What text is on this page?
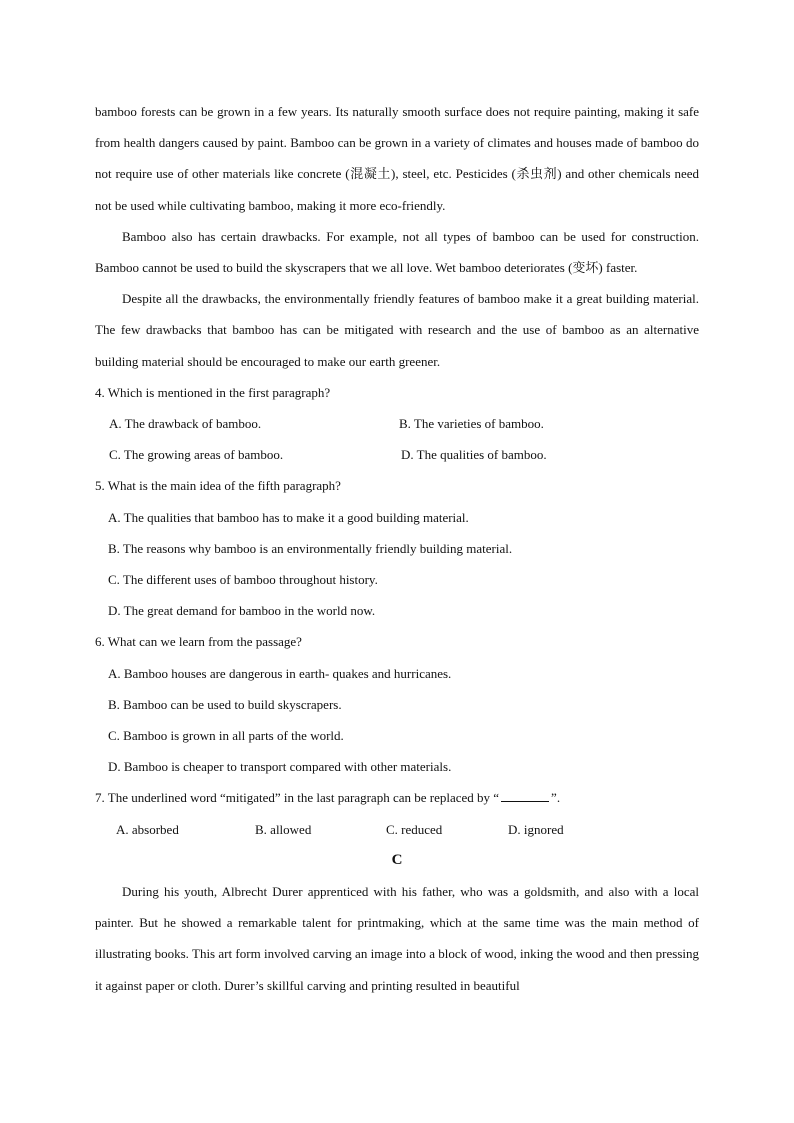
bamboo forests can be grown in a few years. Its naturally smooth surface does not require painting, making it safe from health dangers caused by paint. Bamboo can be grown in a variety of climates and houses made of bamboo do not require use of other materials like concrete (混凝土), steel, etc. Pesticides (杀虫剂) and other chemicals need not be used while cultivating bamboo, making it more eco-friendly.

Bamboo also has certain drawbacks. For example, not all types of bamboo can be used for construction. Bamboo cannot be used to build the skyscrapers that we all love. Wet bamboo deteriorates (变坏) faster.

Despite all the drawbacks, the environmentally friendly features of bamboo make it a great building material. The few drawbacks that bamboo has can be mitigated with research and the use of bamboo as an alternative building material should be encouraged to make our earth greener.

4. Which is mentioned in the first paragraph?

A. The drawback of bamboo.	B. The varieties of bamboo.
C. The growing areas of bamboo.	D. The qualities of bamboo.

5. What is the main idea of the fifth paragraph?

A. The qualities that bamboo has to make it a good building material.
B. The reasons why bamboo is an environmentally friendly building material.
C. The different uses of bamboo throughout history.
D. The great demand for bamboo in the world now.

6. What can we learn from the passage?

A. Bamboo houses are dangerous in earth- quakes and hurricanes.
B. Bamboo can be used to build skyscrapers.
C. Bamboo is grown in all parts of the world.
D. Bamboo is cheaper to transport compared with other materials.

7. The underlined word “mitigated” in the last paragraph can be replaced by “	”.

A. absorbed	B. allowed	C. reduced	D. ignored

C

During his youth, Albrecht Durer apprenticed with his father, who was a goldsmith, and also with a local painter. But he showed a remarkable talent for printmaking, which at the same time was the main method of illustrating books. This art form involved carving an image into a block of wood, inking the wood and then pressing it against paper or cloth. Durer’s skillful carving and printing resulted in beautiful
